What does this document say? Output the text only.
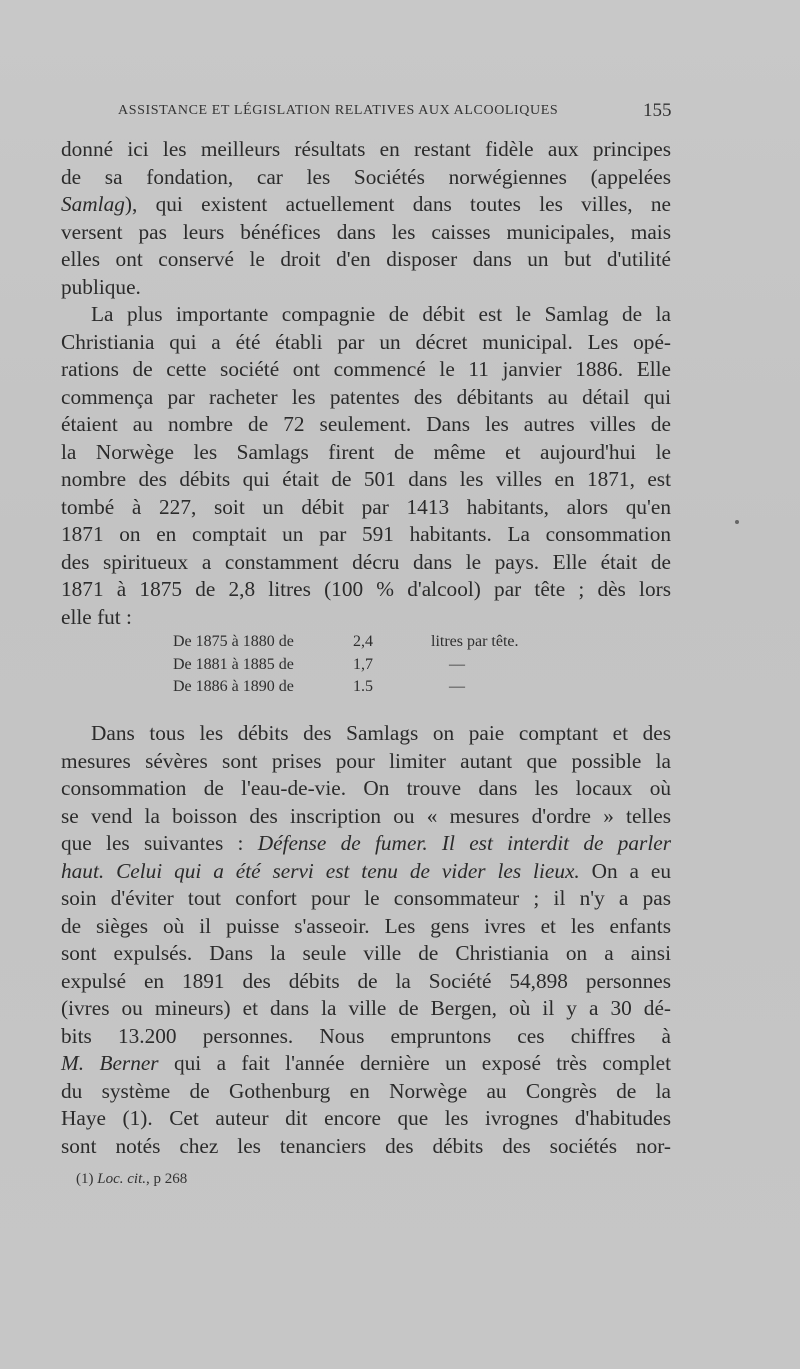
ASSISTANCE ET LÉGISLATION RELATIVES AUX ALCOOLIQUES	155
donné ici les meilleurs résultats en restant fidèle aux principes
de sa fondation, car les Sociétés norwégiennes (appelées
Samlag), qui existent actuellement dans toutes les villes, ne
versent pas leurs bénéfices dans les caisses municipales, mais
elles ont conservé le droit d'en disposer dans un but d'utilité
publique.
La plus importante compagnie de débit est le Samlag de la
Christiania qui a été établi par un décret municipal. Les opé-
rations de cette société ont commencé le 11 janvier 1886. Elle
commença par racheter les patentes des débitants au détail qui
étaient au nombre de 72 seulement. Dans les autres villes de
la Norwège les Samlags firent de même et aujourd'hui le
nombre des débits qui était de 501 dans les villes en 1871, est
tombé à 227, soit un débit par 1413 habitants, alors qu'en
1871 on en comptait un par 591 habitants. La consommation
des spiritueux a constamment décru dans le pays. Elle était de
1871 à 1875 de 2,8 litres (100 % d'alcool) par tête ; dès lors
elle fut :
De 1875 à 1880 de	2,4	litres par tête.
De 1881 à 1885 de	1,7	—
De 1886 à 1890 de	1.5	—
Dans tous les débits des Samlags on paie comptant et des
mesures sévères sont prises pour limiter autant que possible la
consommation de l'eau-de-vie. On trouve dans les locaux où
se vend la boisson des inscription ou « mesures d'ordre » telles
que les suivantes : Défense de fumer. Il est interdit de parler
haut. Celui qui a été servi est tenu de vider les lieux. On a eu
soin d'éviter tout confort pour le consommateur ; il n'y a pas
de sièges où il puisse s'asseoir. Les gens ivres et les enfants
sont expulsés. Dans la seule ville de Christiania on a ainsi
expulsé en 1891 des débits de la Société 54,898 personnes
(ivres ou mineurs) et dans la ville de Bergen, où il y a 30 dé-
bits 13.200 personnes. Nous empruntons ces chiffres à
M. Berner qui a fait l'année dernière un exposé très complet
du système de Gothenburg en Norwège au Congrès de la
Haye (1). Cet auteur dit encore que les ivrognes d'habitudes
sont notés chez les tenanciers des débits des sociétés nor-
(1) Loc. cit., p 268
